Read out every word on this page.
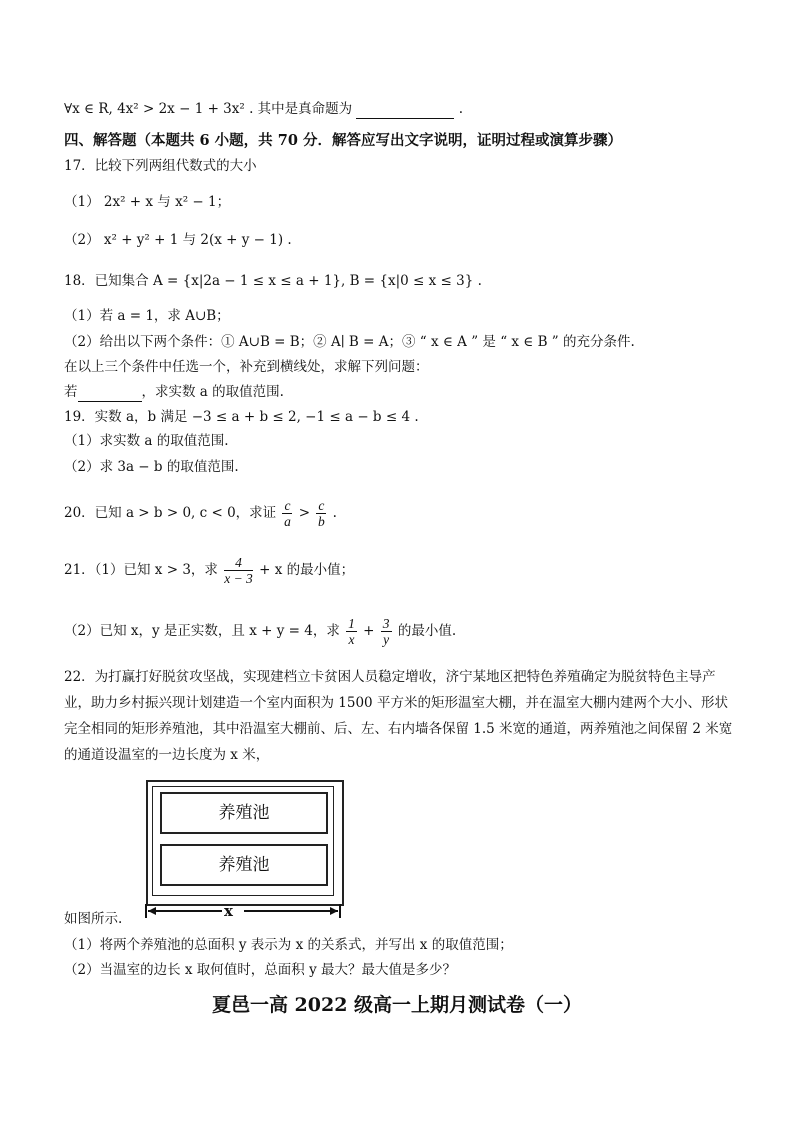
∀x ∈ R, 4x² > 2x − 1 + 3x² . 其中是真命题为	.
四、解答题（本题共 6 小题，共 70 分．解答应写出文字说明，证明过程或演算步骤）
17．比较下列两组代数式的大小
（1） 2x² + x 与 x² − 1；
（2） x² + y² + 1 与 2(x + y − 1) .
18．已知集合 A = {x|2a − 1 ≤ x ≤ a + 1}, B = {x|0 ≤ x ≤ 3} .
（1）若 a = 1，求 A∪B；
（2）给出以下两个条件：① A∪B = B；② A∣ B = A；③ “ x ∈ A ” 是 “ x ∈ B ” 的充分条件.
在以上三个条件中任选一个，补充到横线处，求解下列问题：
若	，求实数 a 的取值范围.
19．实数 a，b 满足 −3 ≤ a + b ≤ 2, −1 ≤ a − b ≤ 4 .
（1）求实数 a 的取值范围.
（2）求 3a − b 的取值范围.
20．已知 a > b > 0, c < 0，求证 $\frac{c}{a} > \frac{c}{b}$ .
21．（1）已知 x > 3，求 $\frac{4}{x - 3} + x$ 的最小值；
（2）已知 x，y 是正实数，且 x + y = 4，求 $\frac{1}{x} + \frac{3}{y}$ 的最小值.
22．为打赢打好脱贫攻坚战，实现建档立卡贫困人员稳定增收，济宁某地区把特色养殖确定为脱贫特色主导产业，助力乡村振兴现计划建造一个室内面积为 1500 平方米的矩形温室大棚，并在温室大棚内建两个大小、形状完全相同的矩形养殖池，其中沿温室大棚前、后、左、右内墙各保留 1.5 米宽的通道，两养殖池之间保留 2 米宽的通道设温室的一边长度为 x 米，
养殖池
养殖池
x
如图所示.
（1）将两个养殖池的总面积 y 表示为 x 的关系式，并写出 x 的取值范围；
（2）当温室的边长 x 取何值时，总面积 y 最大？最大值是多少？
夏邑一高 2022 级高一上期月测试卷（一）
